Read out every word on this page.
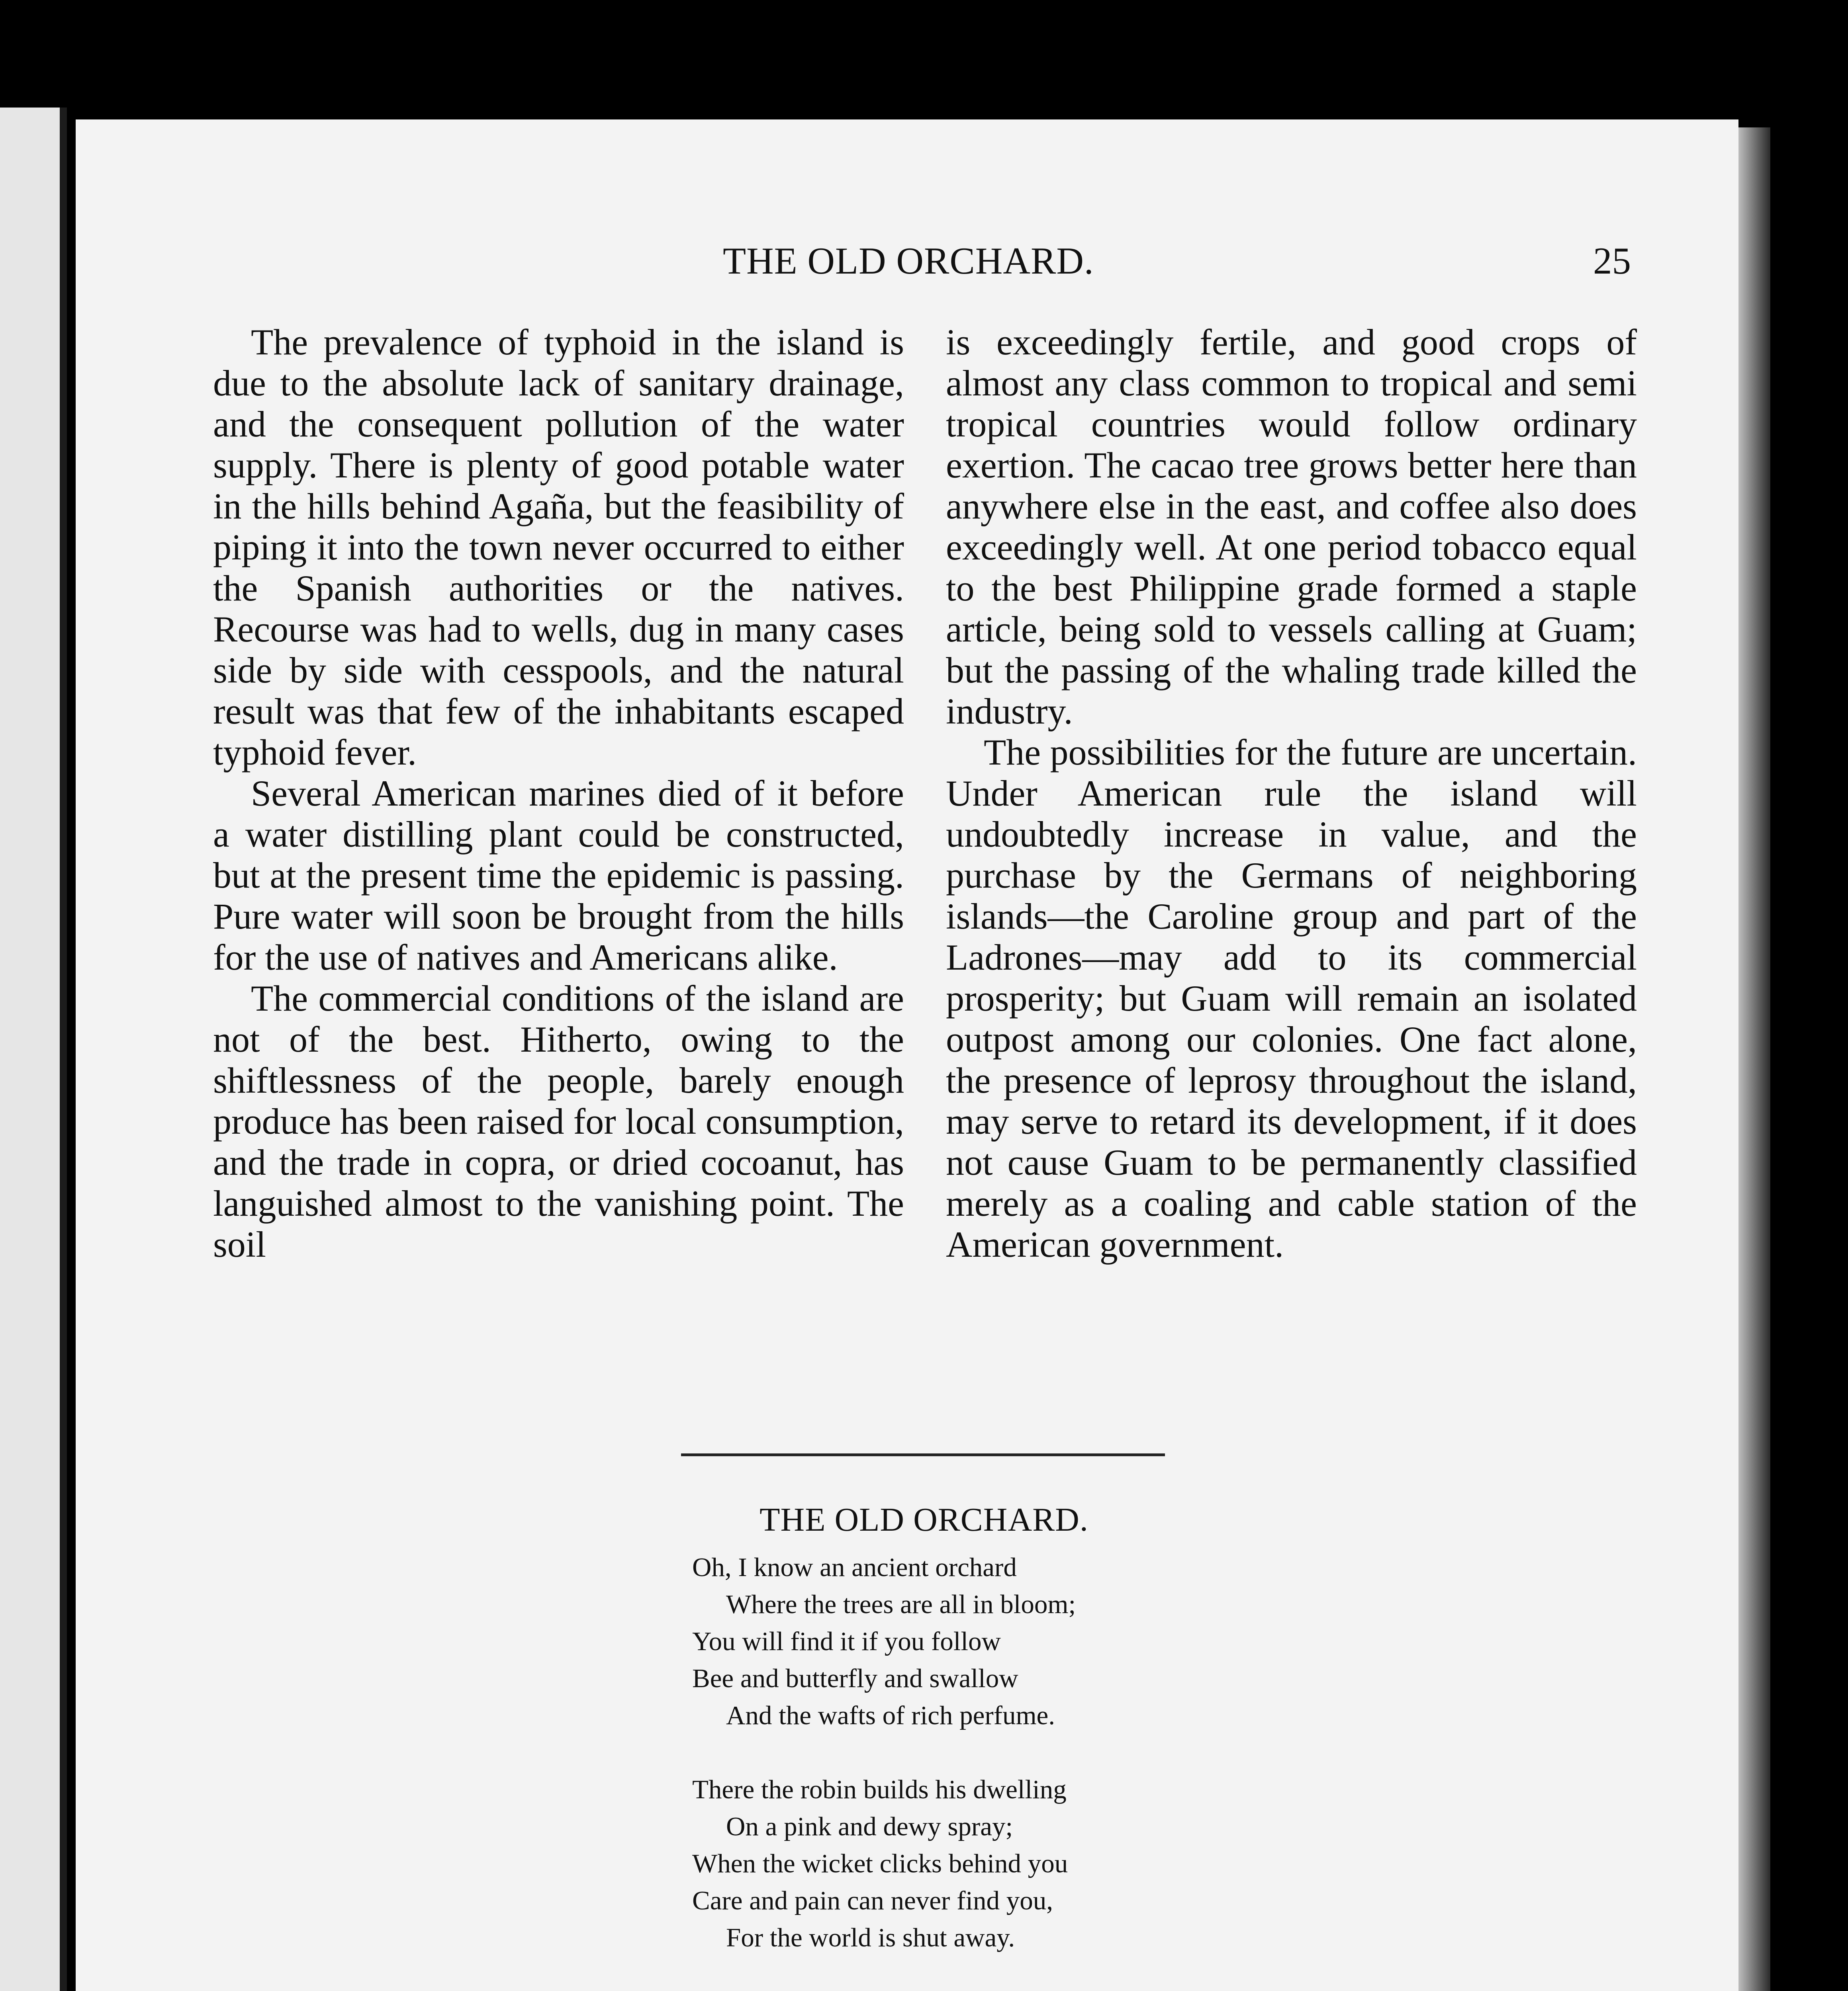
THE OLD ORCHARD.	25

The prevalence of typhoid in the island is due to the absolute lack of sanitary drainage, and the consequent pollution of the water supply. There is plenty of good potable water in the hills behind Agaña, but the feasibility of piping it into the town never occurred to either the Spanish authorities or the natives. Recourse was had to wells, dug in many cases side by side with cesspools, and the natural result was that few of the inhabitants escaped typhoid fever.

Several American marines died of it before a water distilling plant could be constructed, but at the present time the epidemic is passing. Pure water will soon be brought from the hills for the use of natives and Americans alike.

The commercial conditions of the island are not of the best. Hitherto, owing to the shiftlessness of the people, barely enough produce has been raised for local consumption, and the trade in copra, or dried cocoanut, has languished almost to the vanishing point. The soil

is exceedingly fertile, and good crops of almost any class common to tropical and semi tropical countries would follow ordinary exertion. The cacao tree grows better here than anywhere else in the east, and coffee also does exceedingly well. At one period tobacco equal to the best Philippine grade formed a staple article, being sold to vessels calling at Guam; but the passing of the whaling trade killed the industry.

The possibilities for the future are uncertain. Under American rule the island will undoubtedly increase in value, and the purchase by the Germans of neighboring islands—the Caroline group and part of the Ladrones—may add to its commercial prosperity; but Guam will remain an isolated outpost among our colonies. One fact alone, the presence of leprosy throughout the island, may serve to retard its development, if it does not cause Guam to be permanently classified merely as a coaling and cable station of the American government.

THE OLD ORCHARD.
Oh, I know an ancient orchard
Where the trees are all in bloom;
You will find it if you follow
Bee and butterfly and swallow
And the wafts of rich perfume.
There the robin builds his dwelling
On a pink and dewy spray;
When the wicket clicks behind you
Care and pain can never find you,
For the world is shut away.
